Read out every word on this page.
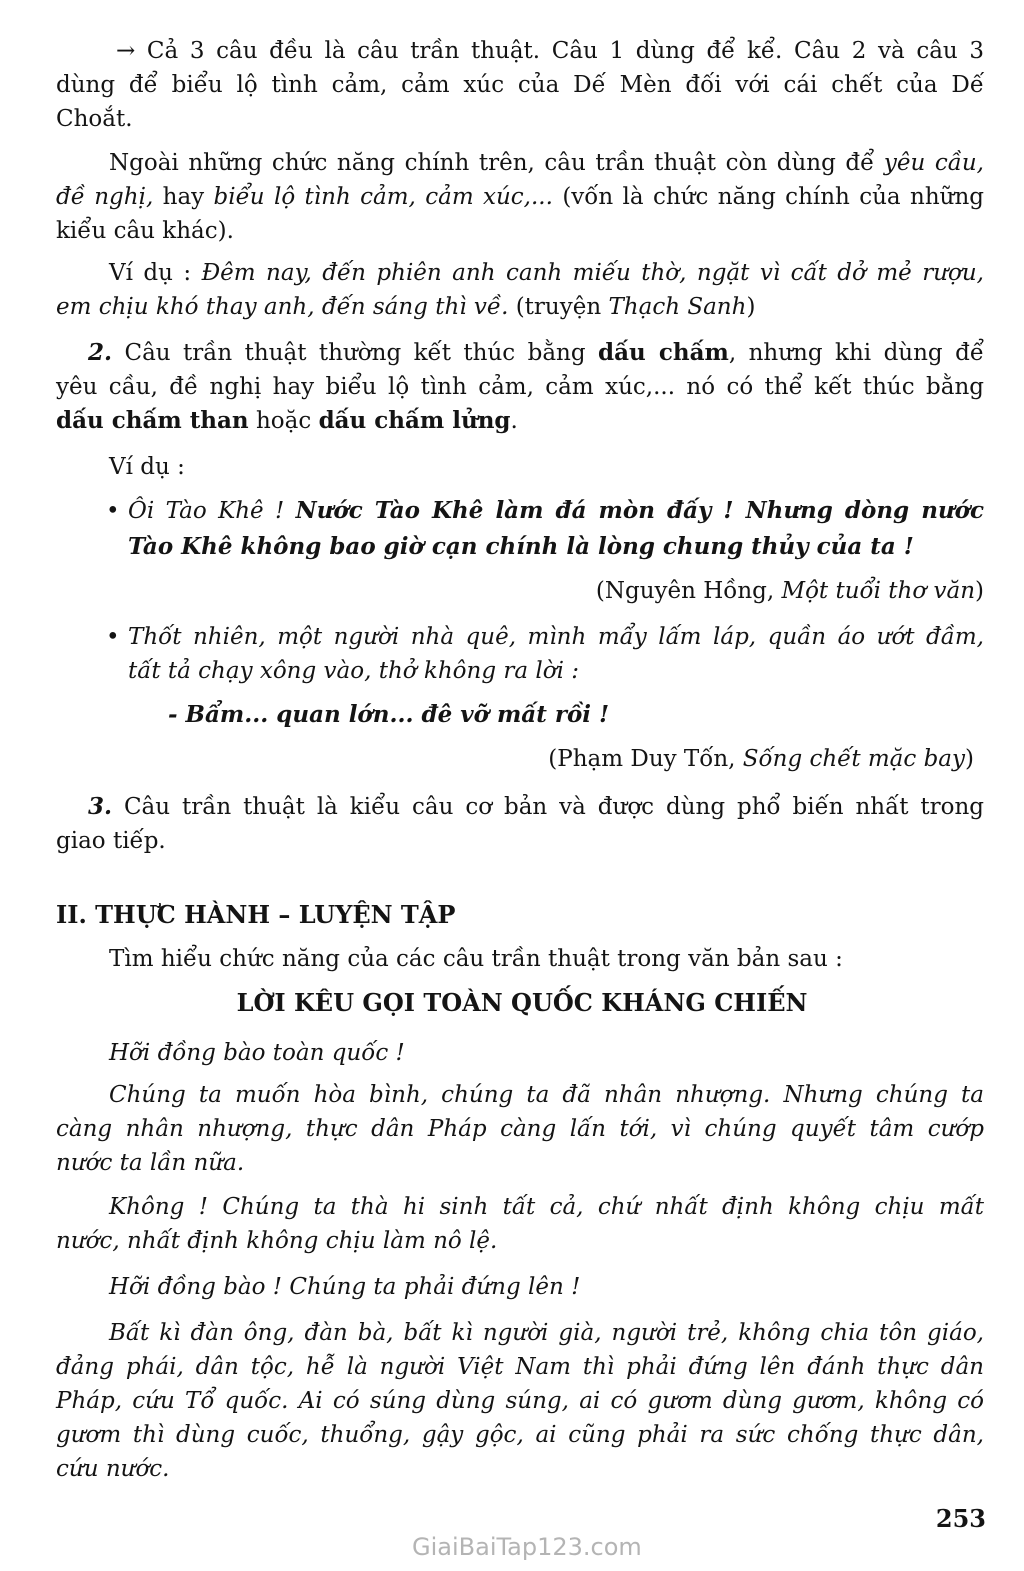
→ Cả 3 câu đều là câu trần thuật. Câu 1 dùng để kể. Câu 2 và câu 3
dùng để biểu lộ tình cảm, cảm xúc của Dế Mèn đối với cái chết của Dế
Choắt.
Ngoài những chức năng chính trên, câu trần thuật còn dùng để yêu cầu,
đề nghị, hay biểu lộ tình cảm, cảm xúc,... (vốn là chức năng chính của những
kiểu câu khác).
Ví dụ : Đêm nay, đến phiên anh canh miếu thờ, ngặt vì cất dở mẻ rượu,
em chịu khó thay anh, đến sáng thì về. (truyện Thạch Sanh)
2. Câu trần thuật thường kết thúc bằng dấu chấm, nhưng khi dùng để
yêu cầu, đề nghị hay biểu lộ tình cảm, cảm xúc,... nó có thể kết thúc bằng
dấu chấm than hoặc dấu chấm lửng.
Ví dụ :
• Ôi Tào Khê ! Nước Tào Khê làm đá mòn đấy ! Nhưng dòng nước
Tào Khê không bao giờ cạn chính là lòng chung thủy của ta !
(Nguyên Hồng, Một tuổi thơ văn)
• Thốt nhiên, một người nhà quê, mình mẩy lấm láp, quần áo ướt đầm,
tất tả chạy xông vào, thở không ra lời :
- Bẩm... quan lớn... đê vỡ mất rồi !
(Phạm Duy Tốn, Sống chết mặc bay)
3. Câu trần thuật là kiểu câu cơ bản và được dùng phổ biến nhất trong
giao tiếp.
II. THỰC HÀNH – LUYỆN TẬP
Tìm hiểu chức năng của các câu trần thuật trong văn bản sau :
LỜI KÊU GỌI TOÀN QUỐC KHÁNG CHIẾN
Hỡi đồng bào toàn quốc !
Chúng ta muốn hòa bình, chúng ta đã nhân nhượng. Nhưng chúng ta
càng nhân nhượng, thực dân Pháp càng lấn tới, vì chúng quyết tâm cướp
nước ta lần nữa.
Không ! Chúng ta thà hi sinh tất cả, chứ nhất định không chịu mất
nước, nhất định không chịu làm nô lệ.
Hỡi đồng bào ! Chúng ta phải đứng lên !
Bất kì đàn ông, đàn bà, bất kì người già, người trẻ, không chia tôn giáo,
đảng phái, dân tộc, hễ là người Việt Nam thì phải đứng lên đánh thực dân
Pháp, cứu Tổ quốc. Ai có súng dùng súng, ai có gươm dùng gươm, không có
gươm thì dùng cuốc, thuổng, gậy gộc, ai cũng phải ra sức chống thực dân,
cứu nước.
253
GiaiBaiTap123.com
